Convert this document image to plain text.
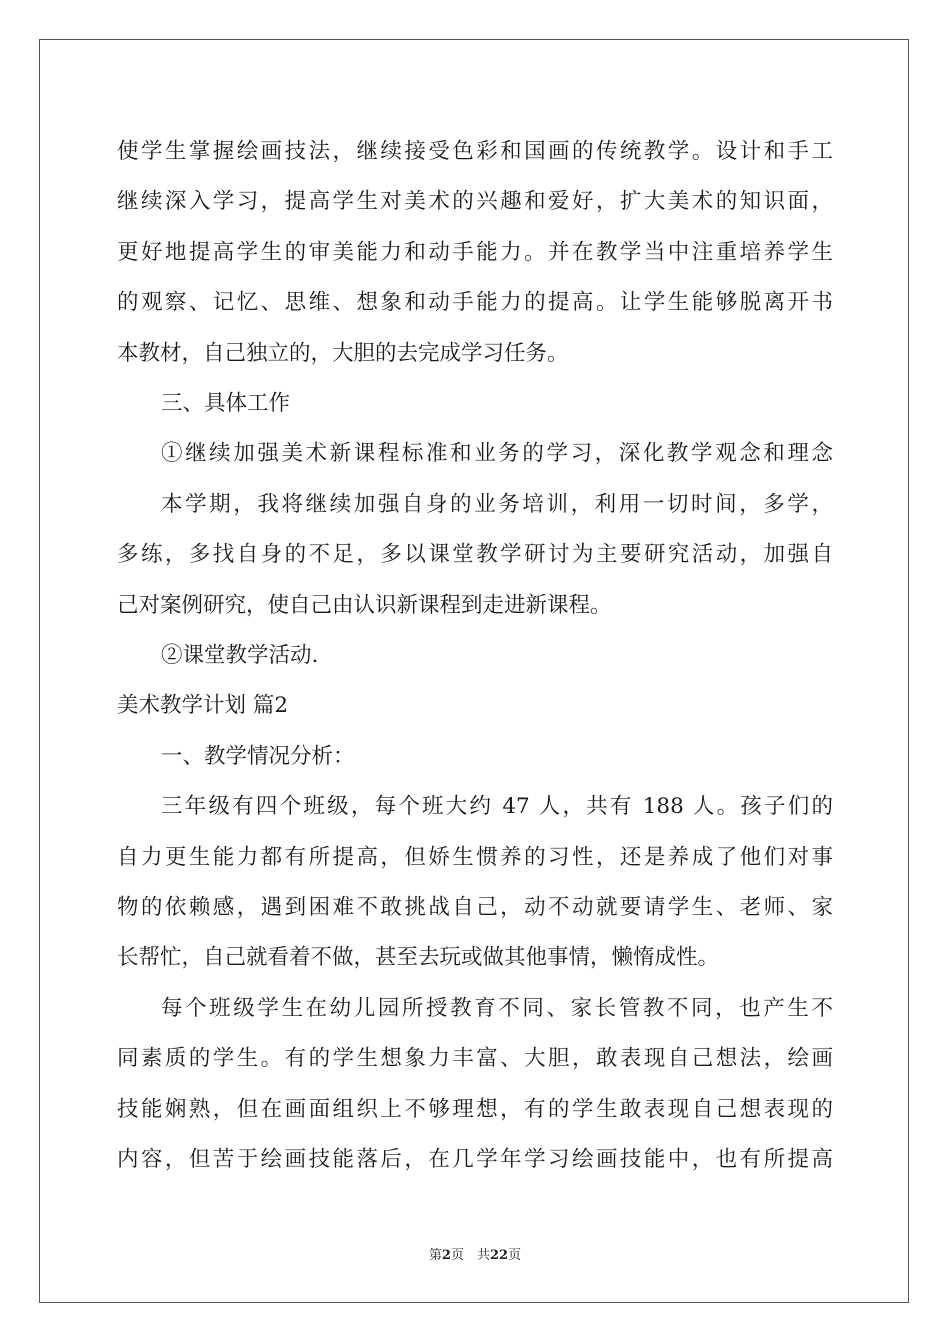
使学生掌握绘画技法，继续接受色彩和国画的传统教学。设计和手工
继续深入学习，提高学生对美术的兴趣和爱好，扩大美术的知识面，
更好地提高学生的审美能力和动手能力。并在教学当中注重培养学生
的观察、记忆、思维、想象和动手能力的提高。让学生能够脱离开书
本教材，自己独立的，大胆的去完成学习任务。
三、具体工作
①继续加强美术新课程标准和业务的学习，深化教学观念和理念
本学期，我将继续加强自身的业务培训，利用一切时间，多学，
多练，多找自身的不足，多以课堂教学研讨为主要研究活动，加强自
己对案例研究，使自己由认识新课程到走进新课程。
②课堂教学活动.
美术教学计划 篇2
一、教学情况分析：
三年级有四个班级，每个班大约 47 人，共有 188 人。孩子们的
自力更生能力都有所提高，但娇生惯养的习性，还是养成了他们对事
物的依赖感，遇到困难不敢挑战自己，动不动就要请学生、老师、家
长帮忙，自己就看着不做，甚至去玩或做其他事情，懒惰成性。
每个班级学生在幼儿园所授教育不同、家长管教不同，也产生不
同素质的学生。有的学生想象力丰富、大胆，敢表现自己想法，绘画
技能娴熟，但在画面组织上不够理想，有的学生敢表现自己想表现的
内容，但苦于绘画技能落后，在几学年学习绘画技能中，也有所提高
第2页　共22页
